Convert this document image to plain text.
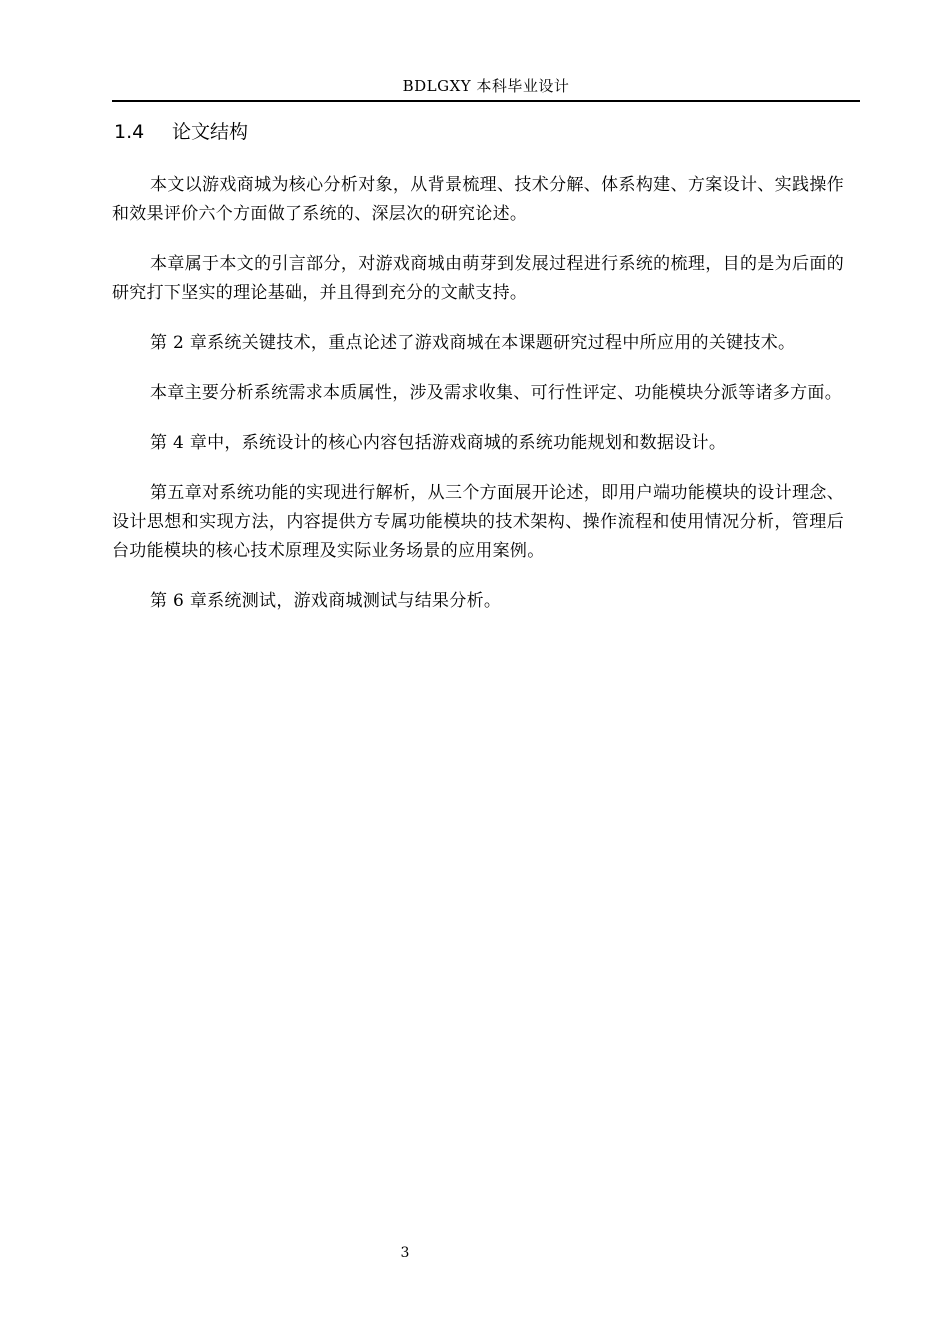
BDLGXY 本科毕业设计
1.4 论文结构

本文以游戏商城为核心分析对象，从背景梳理、技术分解、体系构建、方案设计、实践操作和效果评价六个方面做了系统的、深层次的研究论述。

本章属于本文的引言部分，对游戏商城由萌芽到发展过程进行系统的梳理，目的是为后面的研究打下坚实的理论基础，并且得到充分的文献支持。

第 2 章系统关键技术，重点论述了游戏商城在本课题研究过程中所应用的关键技术。

本章主要分析系统需求本质属性，涉及需求收集、可行性评定、功能模块分派等诸多方面。

第 4 章中，系统设计的核心内容包括游戏商城的系统功能规划和数据设计。

第五章对系统功能的实现进行解析，从三个方面展开论述，即用户端功能模块的设计理念、设计思想和实现方法，内容提供方专属功能模块的技术架构、操作流程和使用情况分析，管理后台功能模块的核心技术原理及实际业务场景的应用案例。

第 6 章系统测试，游戏商城测试与结果分析。

3
